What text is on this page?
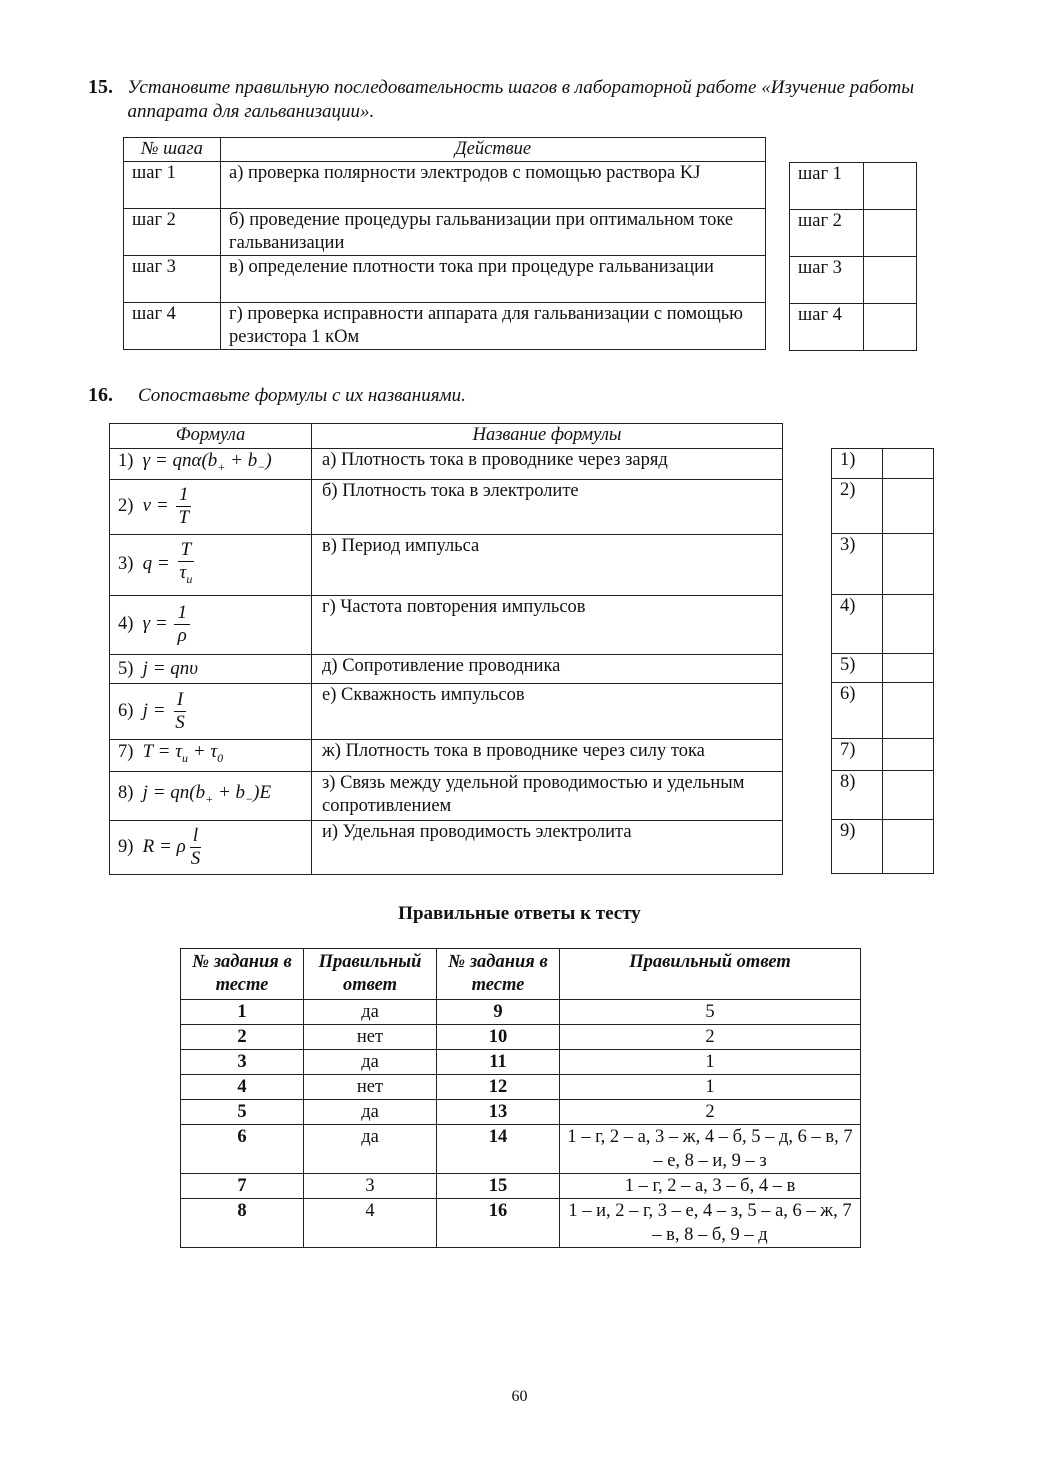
15. Установите правильную последовательность шагов в лабораторной работе «Изучение работы аппарата для гальванизации».
№ шага	Действие
шаг 1	а) проверка полярности электродов с помощью раствора KJ
шаг 2	б) проведение процедуры гальванизации при оптимальном токе гальванизации
шаг 3	в) определение плотности тока при процедуре гальванизации
шаг 4	г) проверка исправности аппарата для гальванизации с помощью резистора 1 кОм
шаг 1	
шаг 2	
шаг 3	
шаг 4	
16.	Сопоставьте формулы с их названиями.
Формула	Название формулы
1) $\gamma = qn\alpha(b_+ + b_-)$	а) Плотность тока в проводнике через заряд
2) $\nu = \frac{1}{T}$	б) Плотность тока в электролите
3) $q = \frac{T}{\tau_и}$	в) Период импульса
4) $\gamma = \frac{1}{\rho}$	г) Частота повторения импульсов
5) j = qnυ	д) Сопротивление проводника
6) $j = \frac{I}{S}$	е) Скважность импульсов
7) $T = \tau_и + \tau_0$	ж) Плотность тока в проводнике через силу тока
8) $j = qn(b_+ + b_-)E$	з) Связь между удельной проводимостью и удельным сопротивлением
9) R = ρ $\frac{l}{S}$	и) Удельная проводимость электролита
1)	
2)	
3)	
4)	
5)	
6)	
7)	
8)	
9)	
Правильные ответы к тесту
№ задания в тесте	Правильный ответ	№ задания в тесте	Правильный ответ
1	да	9	5
2	нет	10	2
3	да	11	1
4	нет	12	1
5	да	13	2
6	да	14	1 – г, 2 – а, 3 – ж, 4 – б, 5 – д, 6 – в, 7 – е, 8 – и, 9 – з
7	3	15	1 – г, 2 – а, 3 – б, 4 – в
8	4	16	1 – и, 2 – г, 3 – е, 4 – з, 5 – а, 6 – ж, 7 – в, 8 – б, 9 – д
60
